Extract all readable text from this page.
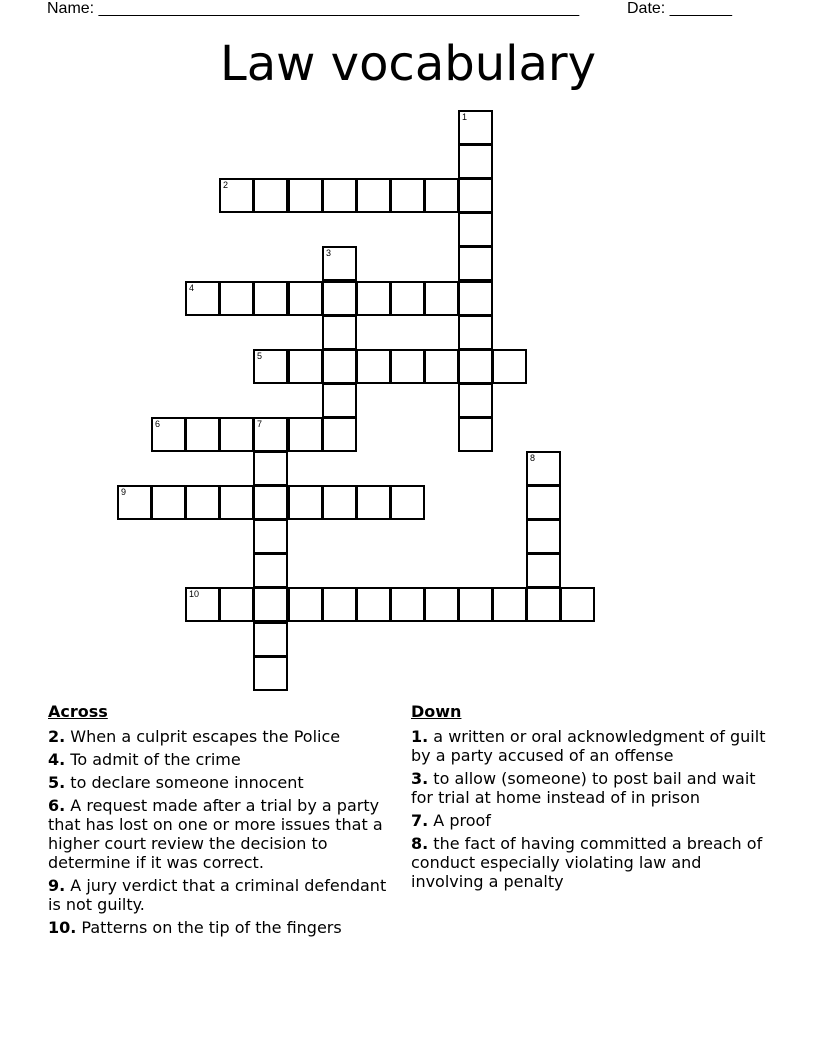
Name: ______________________________________________________	Date: _______
Law vocabulary
1
2
3
4
5
6	7
8
9
10
Across
2. When a culprit escapes the Police
4. To admit of the crime
5. to declare someone innocent
6. A request made after a trial by a party that has lost on one or more issues that a higher court review the decision to determine if it was correct.
9. A jury verdict that a criminal defendant is not guilty.
10. Patterns on the tip of the fingers
Down
1. a written or oral acknowledgment of guilt by a party accused of an offense
3. to allow (someone) to post bail and wait for trial at home instead of in prison
7. A proof
8. the fact of having committed a breach of conduct especially violating law and involving a penalty
